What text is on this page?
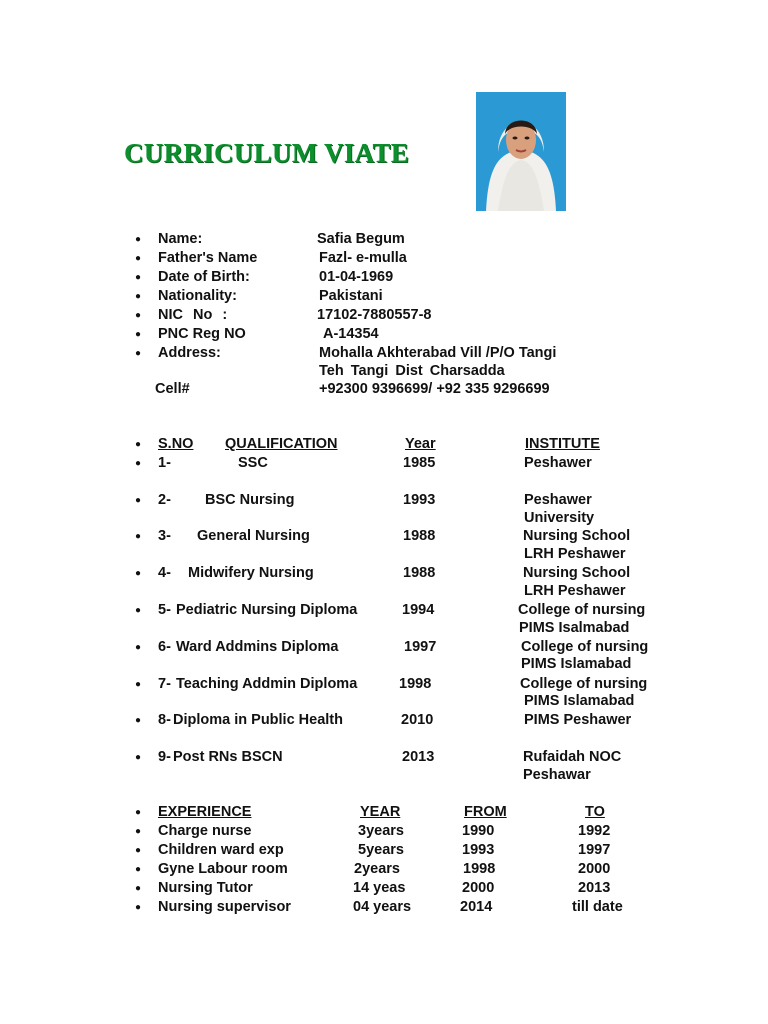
CURRICULUM VIATE
● Name:	Safia Begum
● Father's Name	Fazl- e-mulla
● Date of Birth:	01-04-1969
● Nationality:	Pakistani
● NIC No :	17102-7880557-8
● PNC Reg NO	A-14354
● Address:	Mohalla Akhterabad Vill /P/O Tangi
Teh Tangi Dist Charsadda
Cell#	+92300 9396699/ +92 335 9296699
● S.NO QUALIFICATION	Year	INSTITUTE
● 1-	SSC	1985	Peshawer
● 2- BSC Nursing	1993	Peshawer
University
● 3- General Nursing	1988	Nursing School
LRH Peshawer
● 4- Midwifery Nursing	1988	Nursing School
LRH Peshawer
● 5- Pediatric Nursing Diploma	1994	College of nursing
PIMS Isalmabad
● 6- Ward Addmins Diploma	1997	College of nursing
PIMS Islamabad
● 7- Teaching Addmin Diploma	1998	College of nursing
PIMS Islamabad
● 8- Diploma in Public Health	2010	PIMS Peshawer
● 9- Post RNs BSCN	2013	Rufaidah NOC
Peshawar
● EXPERIENCE	YEAR	FROM	TO
● Charge nurse	3years	1990	1992
● Children ward exp	5years	1993	1997
● Gyne Labour room	2years	1998	2000
● Nursing Tutor	14 yeas	2000	2013
● Nursing supervisor	04 years	2014	till date
